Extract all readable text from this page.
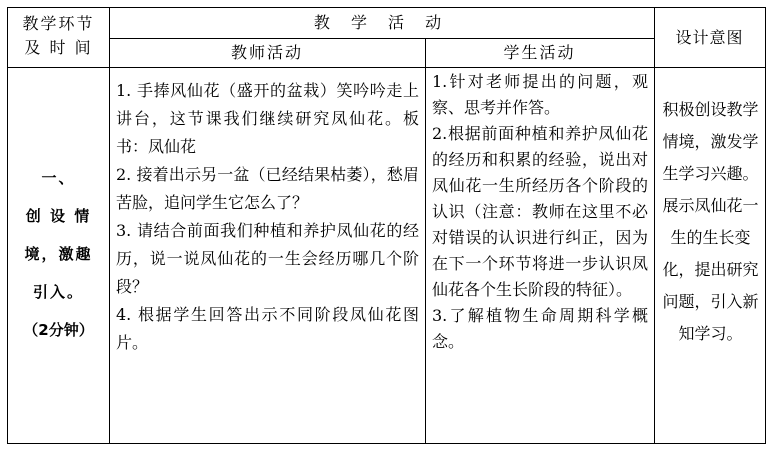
教学环节
及 时 间
教 学 活 动
教师活动	学生活动
设计意图
一、
创 设 情
境，激趣
引入。
（2分钟）

1. 手捧风仙花（盛开的盆栽）笑吟吟走上讲台，这节课我们继续研究凤仙花。板书：凤仙花

2. 接着出示另一盆（已经结果枯萎），愁眉苦脸，追问学生它怎么了？

3. 请结合前面我们种植和养护凤仙花的经历，说一说凤仙花的一生会经历哪几个阶段？

4. 根据学生回答出示不同阶段凤仙花图片。

1.针对老师提出的问题，观察、思考并作答。

2.根据前面种植和养护凤仙花的经历和积累的经验，说出对凤仙花一生所经历各个阶段的认识（注意：教师在这里不必对错误的认识进行纠正，因为在下一个环节将进一步认识凤仙花各个生长阶段的特征）。

3.了解植物生命周期科学概念。

积极创设教学情境，激发学生学习兴趣。展示凤仙花一生的生长变化，提出研究问题，引入新知学习。
